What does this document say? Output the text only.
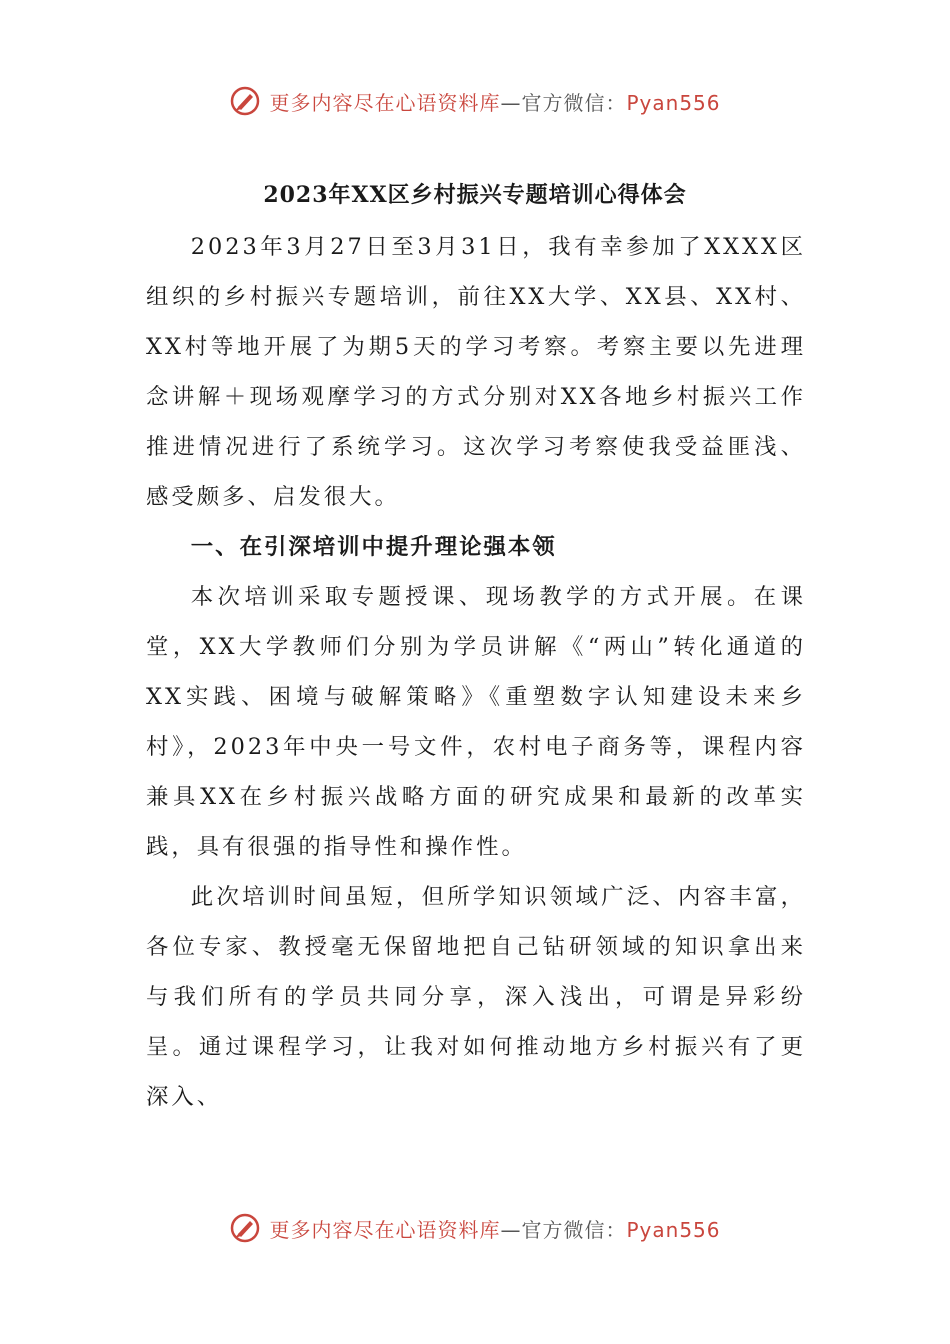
更多内容尽在心语资料库—官方微信：Pyan556
2023年XX区乡村振兴专题培训心得体会

2023年3月27日至3月31日，我有幸参加了XXXX区组织的乡村振兴专题培训，前往XX大学、XX县、XX村、XX村等地开展了为期5天的学习考察。考察主要以先进理念讲解＋现场观摩学习的方式分别对XX各地乡村振兴工作推进情况进行了系统学习。这次学习考察使我受益匪浅、感受颇多、启发很大。

一、在引深培训中提升理论强本领

本次培训采取专题授课、现场教学的方式开展。在课堂，XX大学教师们分别为学员讲解《“两山”转化通道的XX实践、困境与破解策略》《重塑数字认知建设未来乡村》，2023年中央一号文件，农村电子商务等，课程内容兼具XX在乡村振兴战略方面的研究成果和最新的改革实践，具有很强的指导性和操作性。

此次培训时间虽短，但所学知识领域广泛、内容丰富，各位专家、教授毫无保留地把自己钻研领域的知识拿出来与我们所有的学员共同分享，深入浅出，可谓是异彩纷呈。通过课程学习，让我对如何推动地方乡村振兴有了更深入、

更多内容尽在心语资料库—官方微信：Pyan556
